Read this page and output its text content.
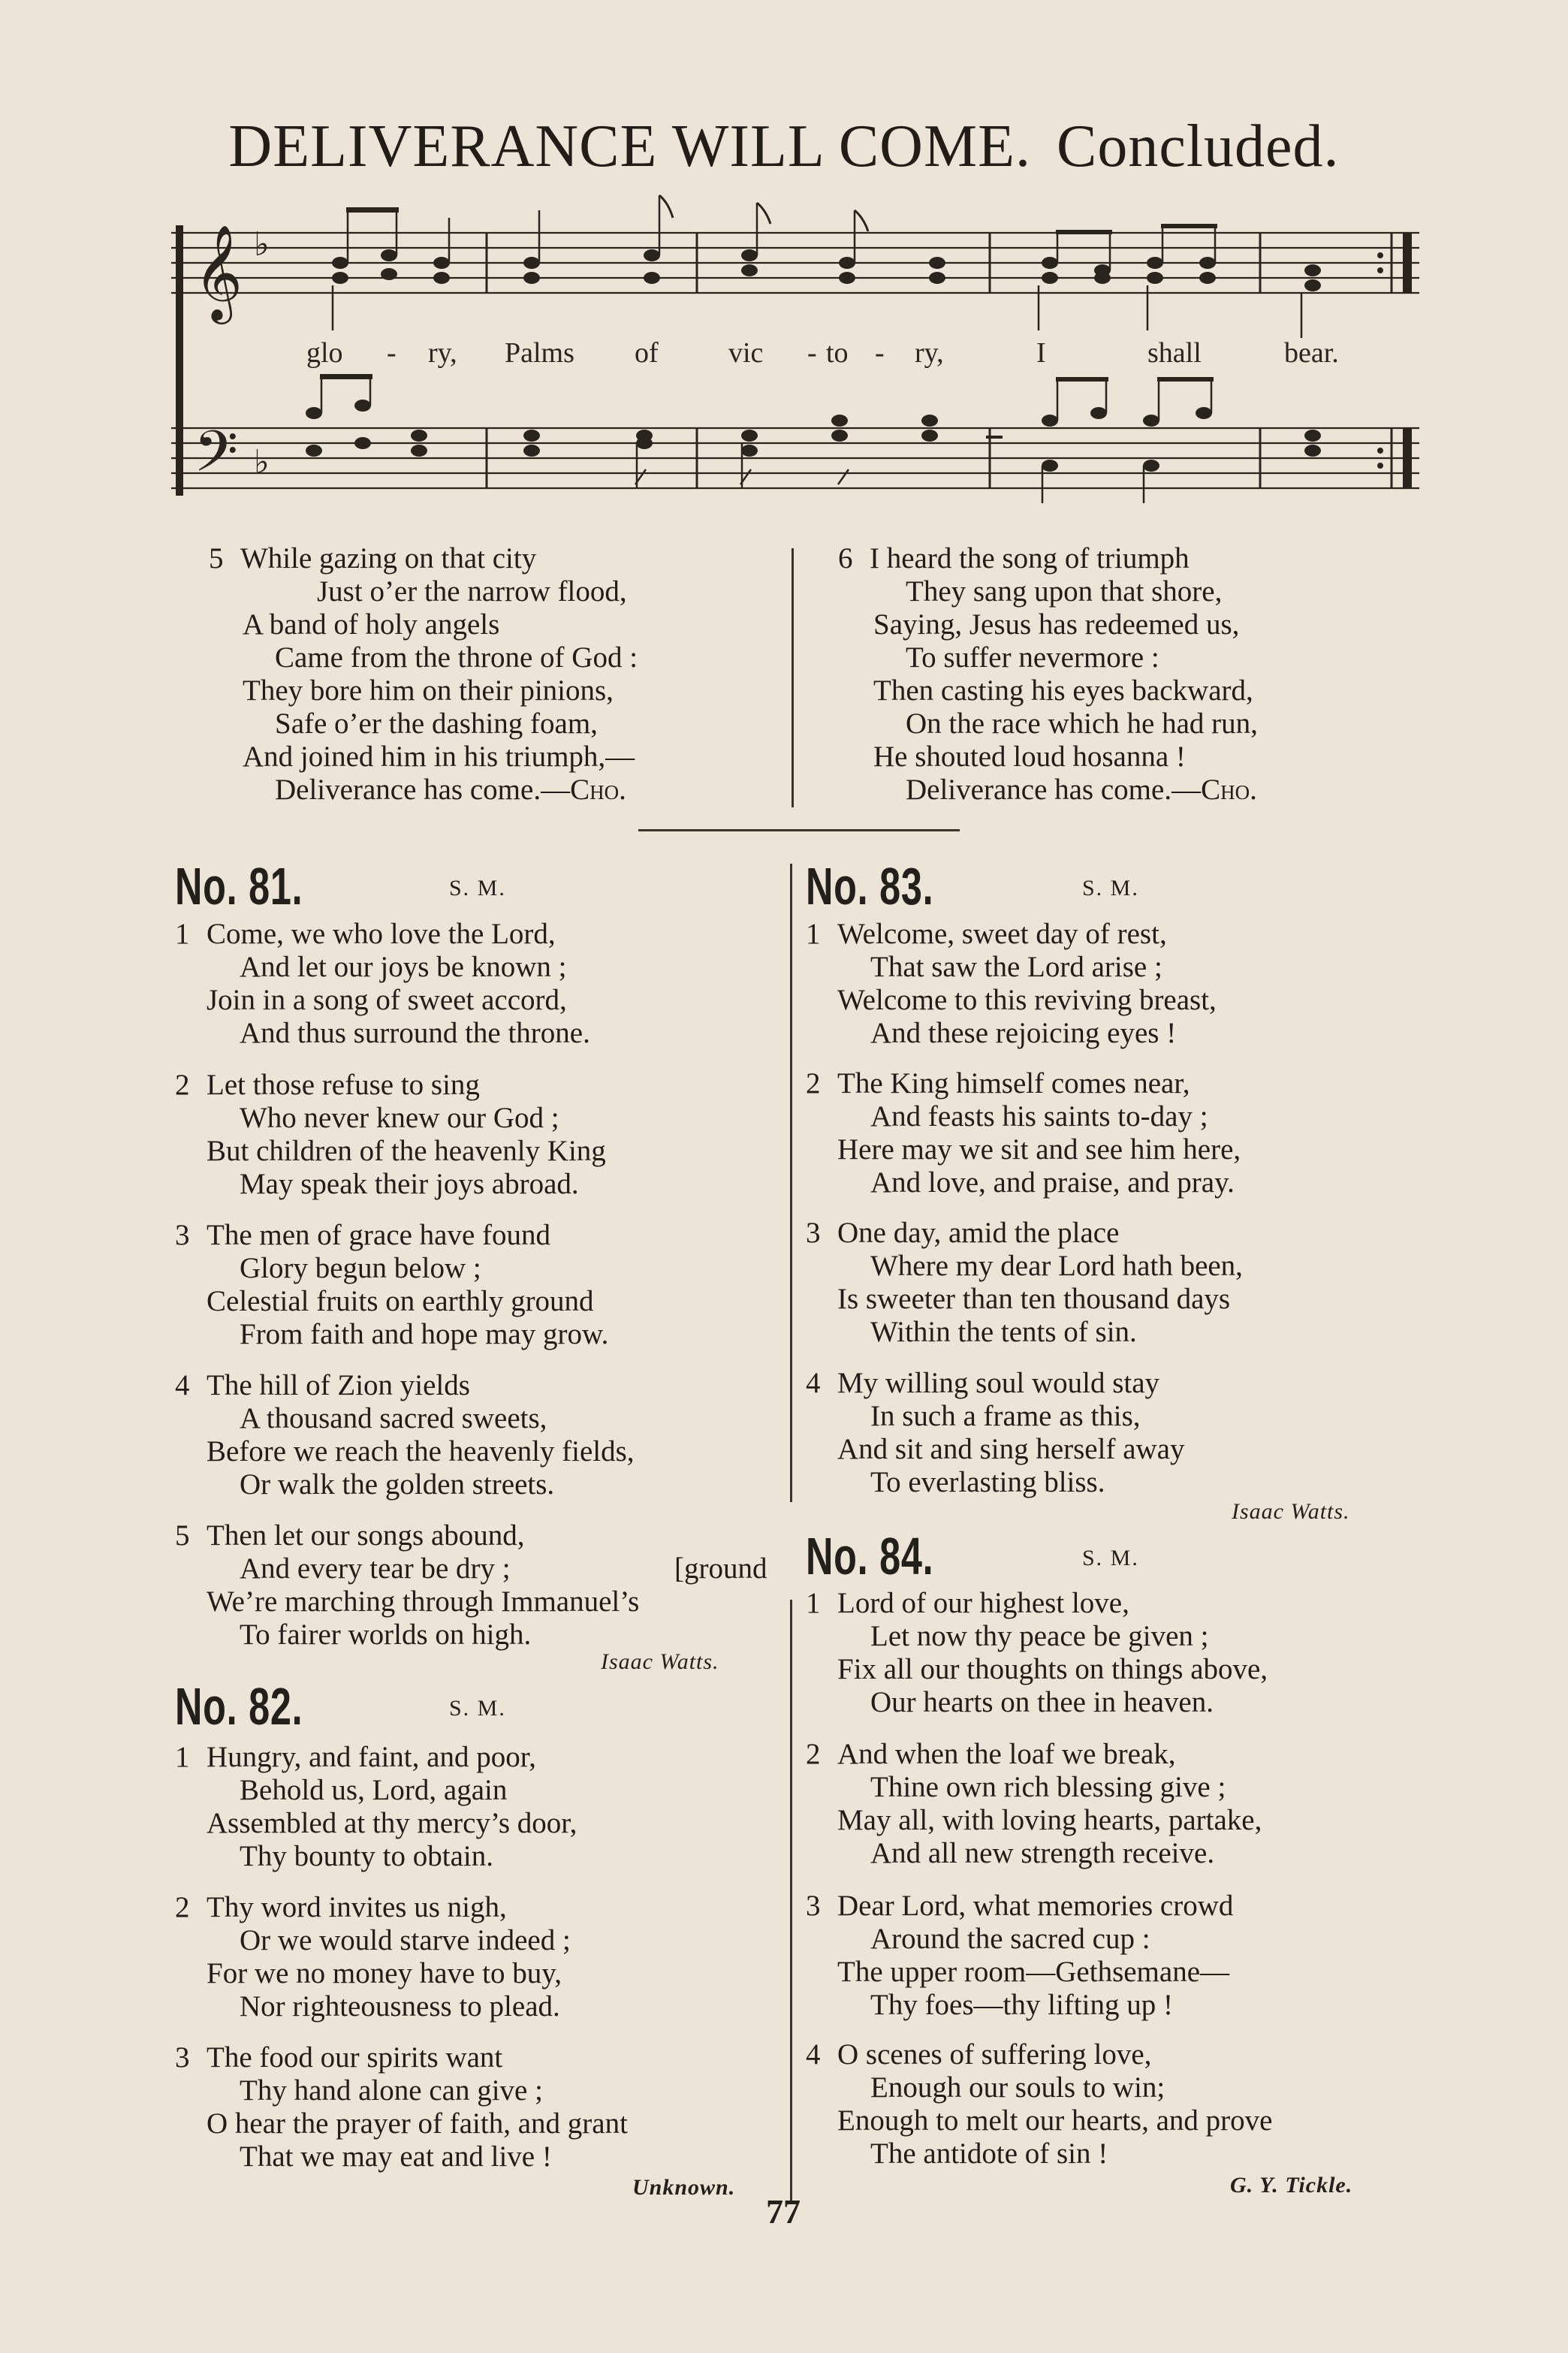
DELIVERANCE WILL COME. Concluded.
𝄞
𝄢
♭
♭
glo - ry, Palms of vic - to - ry,	I	shall	bear.
5 While gazing on that city
Just o’er the narrow flood,
A band of holy angels
Came from the throne of God :
They bore him on their pinions,
Safe o’er the dashing foam,
And joined him in his triumph,—
Deliverance has come.—Cho.
6 I heard the song of triumph
They sang upon that shore,
Saying, Jesus has redeemed us,
To suffer nevermore :
Then casting his eyes backward,
On the race which he had run,
He shouted loud hosanna !
Deliverance has come.—Cho.
No. 81.	S. M.
1 Come, we who love the Lord,
And let our joys be known ;
Join in a song of sweet accord,
And thus surround the throne.
2 Let those refuse to sing
Who never knew our God ;
But children of the heavenly King
May speak their joys abroad.
3 The men of grace have found
Glory begun below ;
Celestial fruits on earthly ground
From faith and hope may grow.
4 The hill of Zion yields
A thousand sacred sweets,
Before we reach the heavenly fields,
Or walk the golden streets.
5 Then let our songs abound,
And every tear be dry ;
We’re marching through Immanuel’s
To fairer worlds on high.
[ground
Isaac Watts.
No. 82.	S. M.
1 Hungry, and faint, and poor,
Behold us, Lord, again
Assembled at thy mercy’s door,
Thy bounty to obtain.
2 Thy word invites us nigh,
Or we would starve indeed ;
For we no money have to buy,
Nor righteousness to plead.
3 The food our spirits want
Thy hand alone can give ;
O hear the prayer of faith, and grant
That we may eat and live !
Unknown.
No. 83.	S. M.
1 Welcome, sweet day of rest,
That saw the Lord arise ;
Welcome to this reviving breast,
And these rejoicing eyes !
2 The King himself comes near,
And feasts his saints to-day ;
Here may we sit and see him here,
And love, and praise, and pray.
3 One day, amid the place
Where my dear Lord hath been,
Is sweeter than ten thousand days
Within the tents of sin.
4 My willing soul would stay
In such a frame as this,
And sit and sing herself away
To everlasting bliss.
Isaac Watts.
No. 84.	S. M.
1 Lord of our highest love,
Let now thy peace be given ;
Fix all our thoughts on things above,
Our hearts on thee in heaven.
2 And when the loaf we break,
Thine own rich blessing give ;
May all, with loving hearts, partake,
And all new strength receive.
3 Dear Lord, what memories crowd
Around the sacred cup :
The upper room—Gethsemane—
Thy foes—thy lifting up !
4 O scenes of suffering love,
Enough our souls to win;
Enough to melt our hearts, and prove
The antidote of sin !
G. Y. Tickle.
77
